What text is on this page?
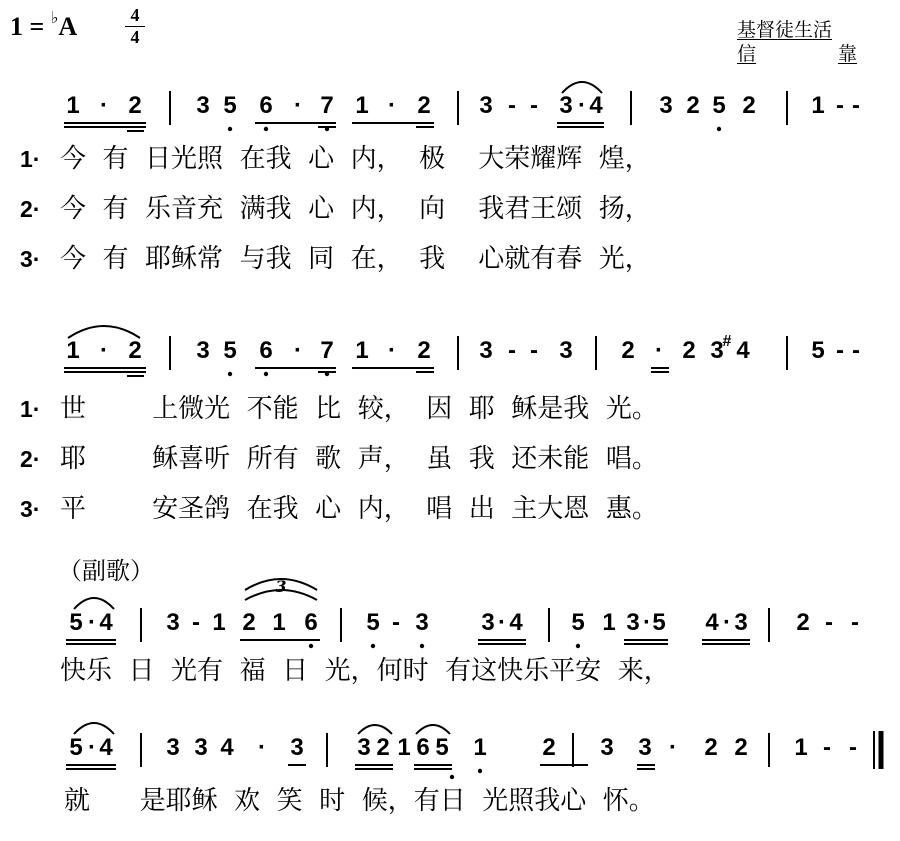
1 = ♭A	4
4	基督徒生活
信	靠
（副歌）
1· 今  有  日光照  在我  心  内，  极    大荣耀辉  煌，
2· 今  有  乐音充  满我  心  内，  向    我君王颂  扬，
3· 今  有  耶稣常  与我  同  在，  我    心就有春  光，
1· 世        上微光  不能  比  较，  因  耶  稣是我  光。
2· 耶        稣喜听  所有  歌  声，  虽  我  还未能  唱。
3· 平        安圣鸽  在我  心  内，  唱  出  主大恩  惠。
快乐  日  光有  福  日  光，何时  有这快乐平安  来，
就      是耶稣  欢  笑  时  候，有日  光照我心  怀。
1 · 2 3 5 6 · 7 1 · 2 3 - - 3 · 4 3 2 5 2 1 - -
1 · 2 3 5 6 · 7 1 · 2 3 - - 3 2 · 2 3
# 4	5 - -
5 · 4 3 - 1 2 1 6 5 - 3 3 · 4 5 1 3 · 5 4 · 3 2 - -
5 · 4 3 3 4 · 3 3 2 1 6 5 1 2 3 3 · 2 2 1 - -
3
